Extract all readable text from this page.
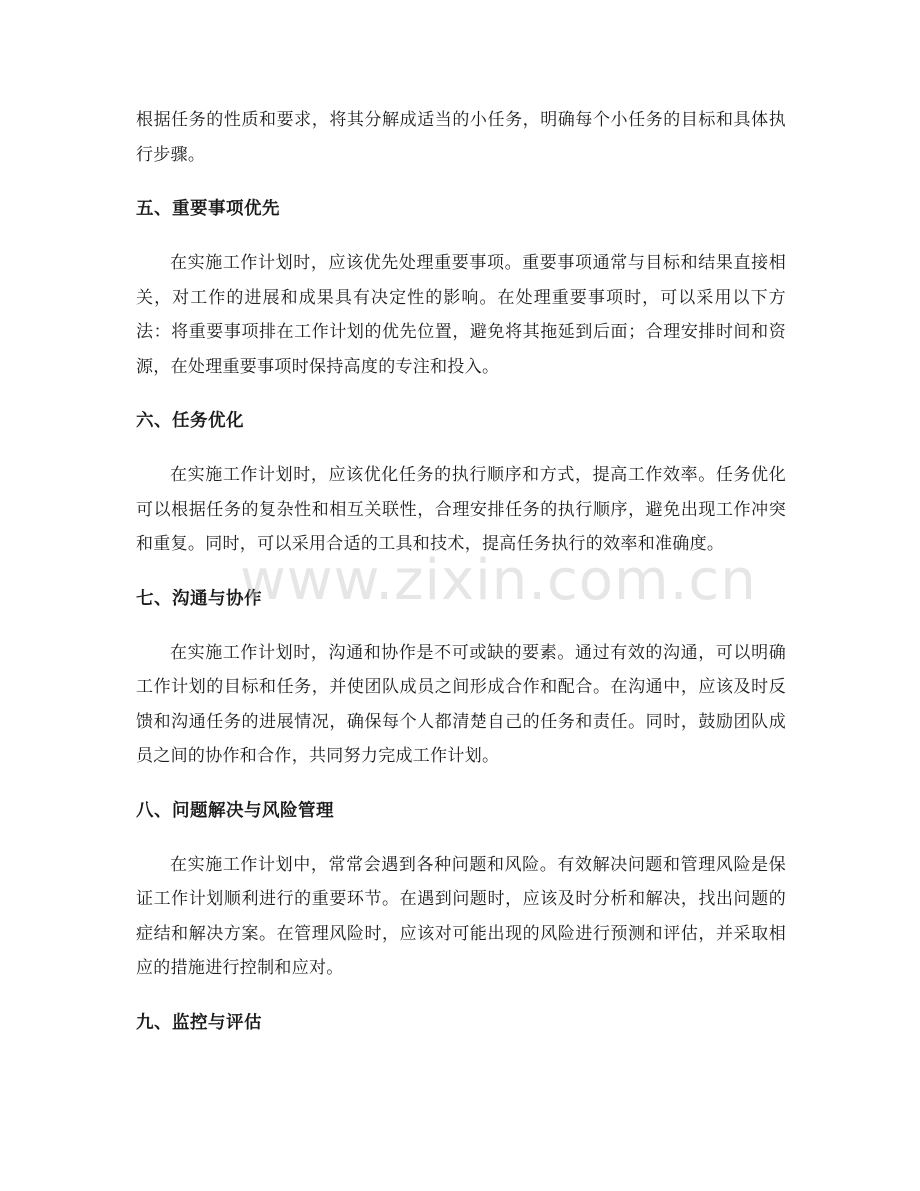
根据任务的性质和要求，将其分解成适当的小任务，明确每个小任务的目标和具体执行步骤。

五、重要事项优先

在实施工作计划时，应该优先处理重要事项。重要事项通常与目标和结果直接相关，对工作的进展和成果具有决定性的影响。在处理重要事项时，可以采用以下方法：将重要事项排在工作计划的优先位置，避免将其拖延到后面；合理安排时间和资源，在处理重要事项时保持高度的专注和投入。

六、任务优化

在实施工作计划时，应该优化任务的执行顺序和方式，提高工作效率。任务优化可以根据任务的复杂性和相互关联性，合理安排任务的执行顺序，避免出现工作冲突和重复。同时，可以采用合适的工具和技术，提高任务执行的效率和准确度。

七、沟通与协作

在实施工作计划时，沟通和协作是不可或缺的要素。通过有效的沟通，可以明确工作计划的目标和任务，并使团队成员之间形成合作和配合。在沟通中，应该及时反馈和沟通任务的进展情况，确保每个人都清楚自己的任务和责任。同时，鼓励团队成员之间的协作和合作，共同努力完成工作计划。

八、问题解决与风险管理

在实施工作计划中，常常会遇到各种问题和风险。有效解决问题和管理风险是保证工作计划顺利进行的重要环节。在遇到问题时，应该及时分析和解决，找出问题的症结和解决方案。在管理风险时，应该对可能出现的风险进行预测和评估，并采取相应的措施进行控制和应对。

九、监控与评估
www.zixin.com.cn
